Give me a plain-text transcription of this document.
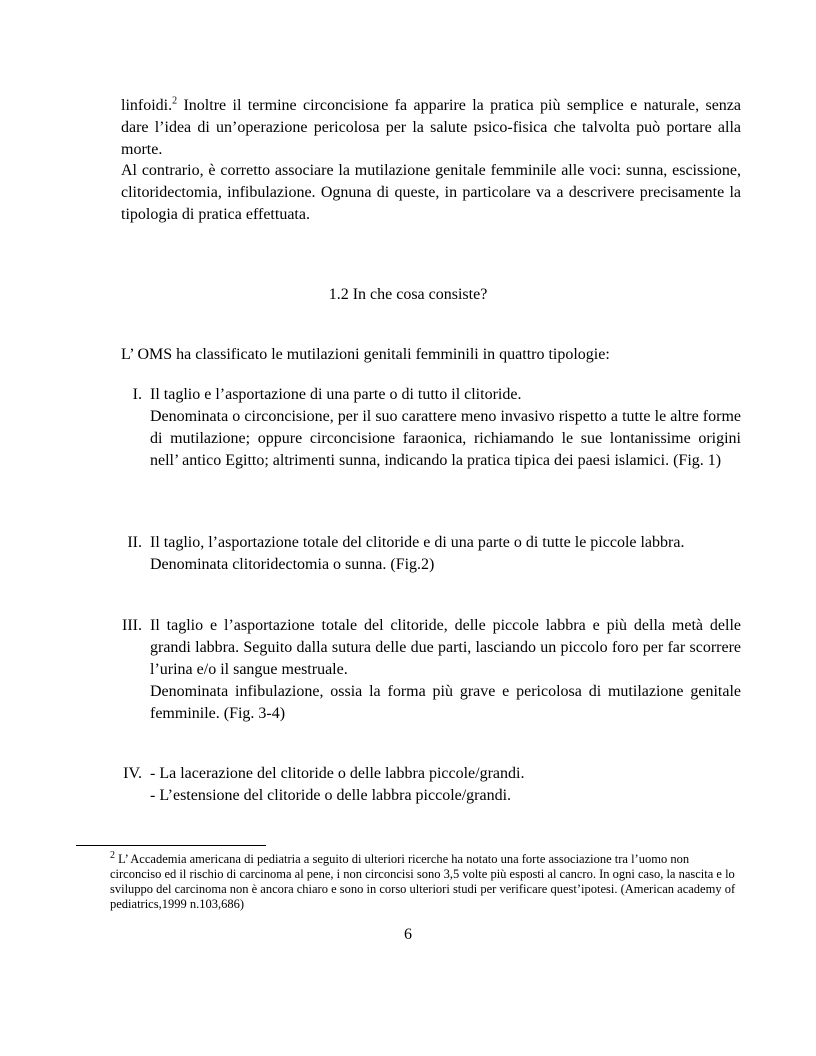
linfoidi.$^2$ Inoltre il termine circoncisione fa apparire la pratica più semplice e naturale, senza dare l’idea di un’operazione pericolosa per la salute psico-fisica che talvolta può portare alla morte.

Al contrario, è corretto associare la mutilazione genitale femminile alle voci: sunna, escissione, clitoridectomia, infibulazione. Ognuna di queste, in particolare va a descrivere precisamente la tipologia di pratica effettuata.

1.2 In che cosa consiste?

L’ OMS ha classificato le mutilazioni genitali femminili in quattro tipologie:

I. Il taglio e l’asportazione di una parte o di tutto il clitoride.

Denominata o circoncisione, per il suo carattere meno invasivo rispetto a tutte le altre forme di mutilazione; oppure circoncisione faraonica, richiamando le sue lontanissime origini nell’ antico Egitto; altrimenti sunna, indicando la pratica tipica dei paesi islamici. (Fig. 1)

II. Il taglio, l’asportazione totale del clitoride e di una parte o di tutte le piccole labbra.

Denominata clitoridectomia o sunna. (Fig.2)

III. Il taglio e l’asportazione totale del clitoride, delle piccole labbra e più della metà delle grandi labbra. Seguito dalla sutura delle due parti, lasciando un piccolo foro per far scorrere l’urina e/o il sangue mestruale.

Denominata infibulazione, ossia la forma più grave e pericolosa di mutilazione genitale femminile. (Fig. 3-4)

IV. - La lacerazione del clitoride o delle labbra piccole/grandi.

- L’estensione del clitoride o delle labbra piccole/grandi.

$^2$ L’ Accademia americana di pediatria a seguito di ulteriori ricerche ha notato una forte associazione tra l’uomo non circonciso ed il rischio di carcinoma al pene, i non circoncisi sono 3,5 volte più esposti al cancro. In ogni caso, la nascita e lo sviluppo del carcinoma non è ancora chiaro e sono in corso ulteriori studi per verificare quest’ipotesi. (American academy of pediatrics,1999 n.103,686)

6
